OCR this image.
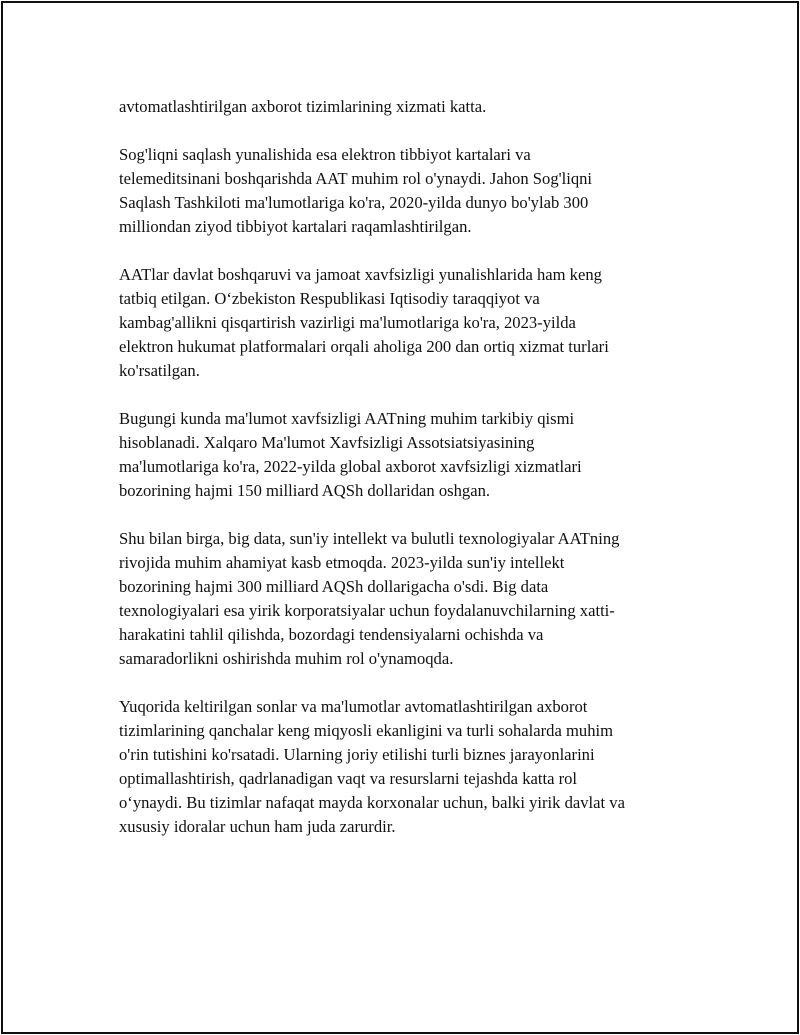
avtomatlashtirilgan axborot tizimlarining xizmati katta.

Sog'liqni saqlash yunalishida esa elektron tibbiyot kartalari va
telemeditsinani boshqarishda AAT muhim rol o'ynaydi. Jahon Sog'liqni
Saqlash Tashkiloti ma'lumotlariga ko'ra, 2020-yilda dunyo bo'ylab 300
milliondan ziyod tibbiyot kartalari raqamlashtirilgan.

AATlar davlat boshqaruvi va jamoat xavfsizligi yunalishlarida ham keng
tatbiq etilgan. O‘zbekiston Respublikasi Iqtisodiy taraqqiyot va
kambag'allikni qisqartirish vazirligi ma'lumotlariga ko'ra, 2023-yilda
elektron hukumat platformalari orqali aholiga 200 dan ortiq xizmat turlari
ko'rsatilgan.

Bugungi kunda ma'lumot xavfsizligi AATning muhim tarkibiy qismi
hisoblanadi. Xalqaro Ma'lumot Xavfsizligi Assotsiatsiyasining
ma'lumotlariga ko'ra, 2022-yilda global axborot xavfsizligi xizmatlari
bozorining hajmi 150 milliard AQSh dollaridan oshgan.

Shu bilan birga, big data, sun'iy intellekt va bulutli texnologiyalar AATning
rivojida muhim ahamiyat kasb etmoqda. 2023-yilda sun'iy intellekt
bozorining hajmi 300 milliard AQSh dollarigacha o'sdi. Big data
texnologiyalari esa yirik korporatsiyalar uchun foydalanuvchilarning xatti-
harakatini tahlil qilishda, bozordagi tendensiyalarni ochishda va
samaradorlikni oshirishda muhim rol o'ynamoqda.

Yuqorida keltirilgan sonlar va ma'lumotlar avtomatlashtirilgan axborot
tizimlarining qanchalar keng miqyosli ekanligini va turli sohalarda muhim
o'rin tutishini ko'rsatadi. Ularning joriy etilishi turli biznes jarayonlarini
optimallashtirish, qadrlanadigan vaqt va resurslarni tejashda katta rol
o‘ynaydi. Bu tizimlar nafaqat mayda korxonalar uchun, balki yirik davlat va
xususiy idoralar uchun ham juda zarurdir.
